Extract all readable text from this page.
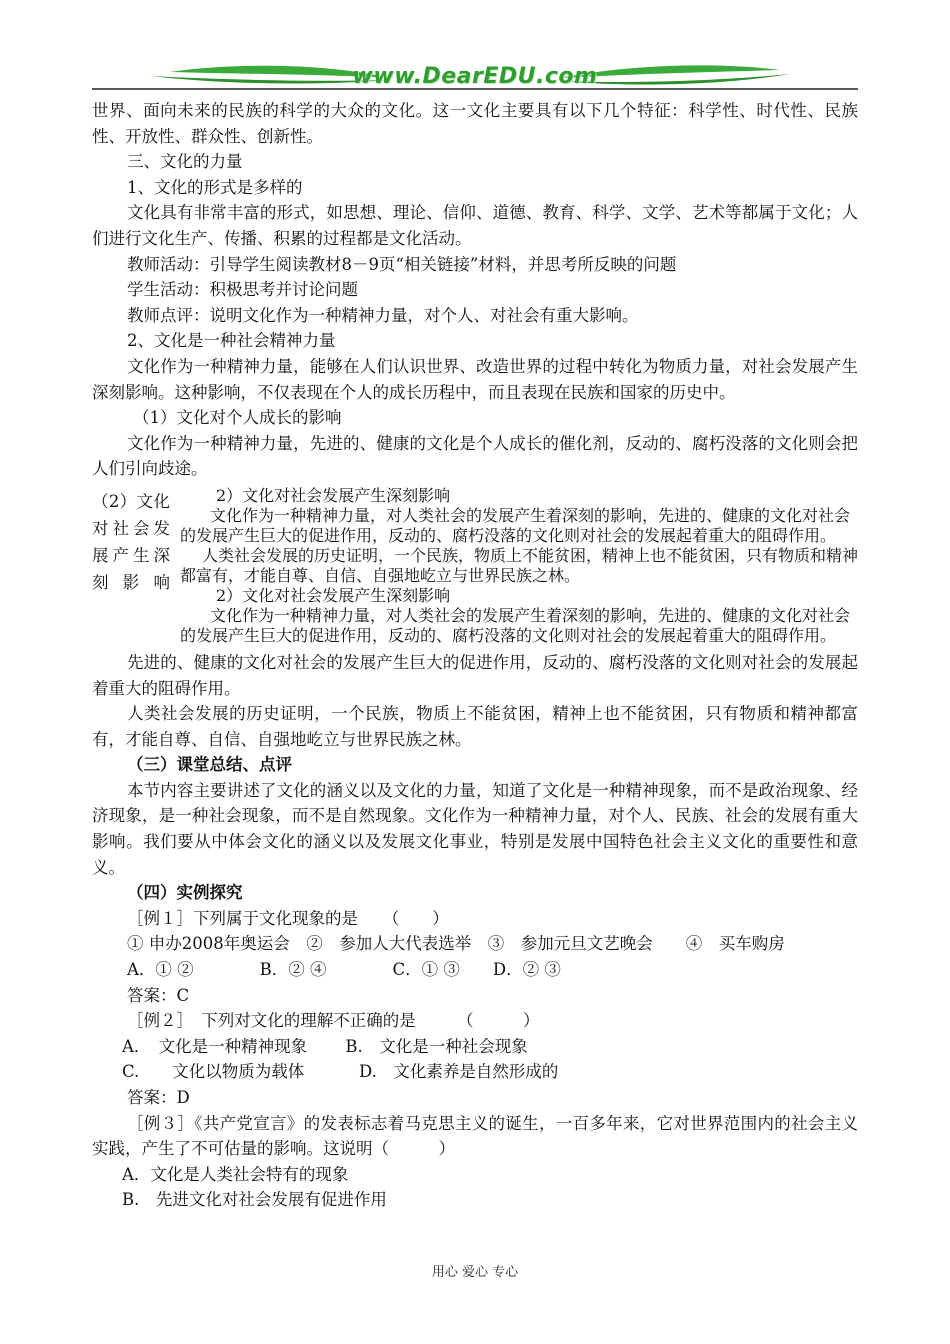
www.DearEDU.com

世界、面向未来的民族的科学的大众的文化。这一文化主要具有以下几个特征：科学性、时代性、民族性、开放性、群众性、创新性。

三、文化的力量

1、文化的形式是多样的

文化具有非常丰富的形式，如思想、理论、信仰、道德、教育、科学、文学、艺术等都属于文化；人们进行文化生产、传播、积累的过程都是文化活动。

教师活动：引导学生阅读教材8－9页“相关链接”材料，并思考所反映的问题

学生活动：积极思考并讨论问题

教师点评：说明文化作为一种精神力量，对个人、对社会有重大影响。

2、文化是一种社会精神力量

文化作为一种精神力量，能够在人们认识世界、改造世界的过程中转化为物质力量，对社会发展产生深刻影响。这种影响，不仅表现在个人的成长历程中，而且表现在民族和国家的历史中。

（1）文化对个人成长的影响

文化作为一种精神力量，先进的、健康的文化是个人成长的催化剂，反动的、腐朽没落的文化则会把人们引向歧途。

（2）文化对社会发展产生深刻影响
2）文化对社会发展产生深刻影响
文化作为一种精神力量，对人类社会的发展产生着深刻的影响，先进的、健康的文化对社会
的发展产生巨大的促进作用，反动的、腐朽没落的文化则对社会的发展起着重大的阻碍作用。
人类社会发展的历史证明，一个民族，物质上不能贫困，精神上也不能贫困，只有物质和精神
都富有，才能自尊、自信、自强地屹立与世界民族之林。
2）文化对社会发展产生深刻影响
文化作为一种精神力量，对人类社会的发展产生着深刻的影响，先进的、健康的文化对社会
的发展产生巨大的促进作用，反动的、腐朽没落的文化则对社会的发展起着重大的阻碍作用。

先进的、健康的文化对社会的发展产生巨大的促进作用，反动的、腐朽没落的文化则对社会的发展起着重大的阻碍作用。

人类社会发展的历史证明，一个民族，物质上不能贫困，精神上也不能贫困，只有物质和精神都富有，才能自尊、自信、自强地屹立与世界民族之林。

（三）课堂总结、点评

本节内容主要讲述了文化的涵义以及文化的力量，知道了文化是一种精神现象，而不是政治现象、经济现象，是一种社会现象，而不是自然现象。文化作为一种精神力量，对个人、民族、社会的发展有重大影响。我们要从中体会文化的涵义以及发展文化事业，特别是发展中国特色社会主义文化的重要性和意义。

（四）实例探究

［例１］下列属于文化现象的是　　（　　）

① 申办2008年奥运会　②　参加人大代表选举　③　参加元旦文艺晚会　　④　买车购房

A．① ②　　　　B．② ④　　　　C．① ③　　D．② ③

答案：C

［例２］　下列对文化的理解不正确的是　　　（　　　）

A．　文化是一种精神现象　　 B.　文化是一种社会现象

C.　　文化以物质为载体　　　 D.　文化素养是自然形成的

答案：D

［例３］《共产党宣言》的发表标志着马克思主义的诞生，一百多年来，它对世界范围内的社会主义实践，产生了不可估量的影响。这说明（　　　）

A．文化是人类社会特有的现象

B.　先进文化对社会发展有促进作用

用心 爱心 专心
